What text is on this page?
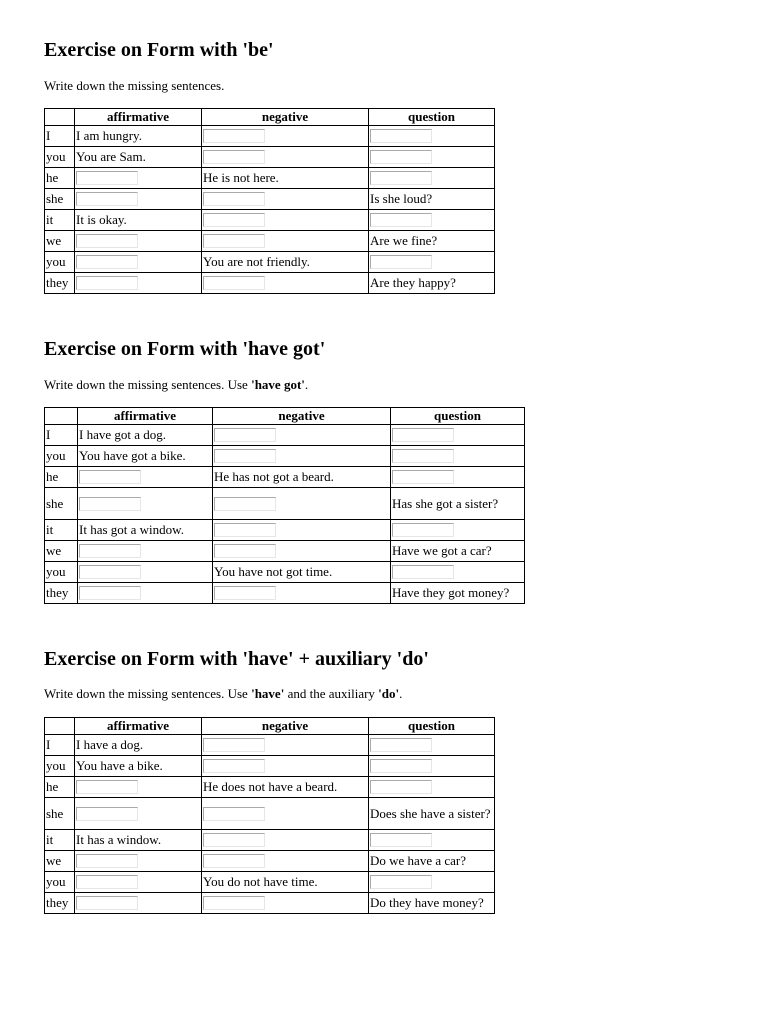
Exercise on Form with 'be'

Write down the missing sentences.

	affirmative	negative	question
I	I am hungry.	

you	You are Sam.	

he		He is not here.	

she			Is she loud?
it	It is okay.	

we			Are we fine?
you		You are not friendly.	

they			Are they happy?
Exercise on Form with 'have got'

Write down the missing sentences. Use 'have got'.

	affirmative	negative	question
I	I have got a dog.	

you	You have got a bike.	

he		He has not got a beard.	

she			Has she got a sister?
it	It has got a window.	

we			Have we got a car?
you		You have not got time.	

they			Have they got money?
Exercise on Form with 'have' + auxiliary 'do'

Write down the missing sentences. Use 'have' and the auxiliary 'do'.

	affirmative	negative	question
I	I have a dog.	

you	You have a bike.	

he		He does not have a beard.	

she			Does she have a sister?
it	It has a window.	

we			Do we have a car?
you		You do not have time.	

they			Do they have money?
